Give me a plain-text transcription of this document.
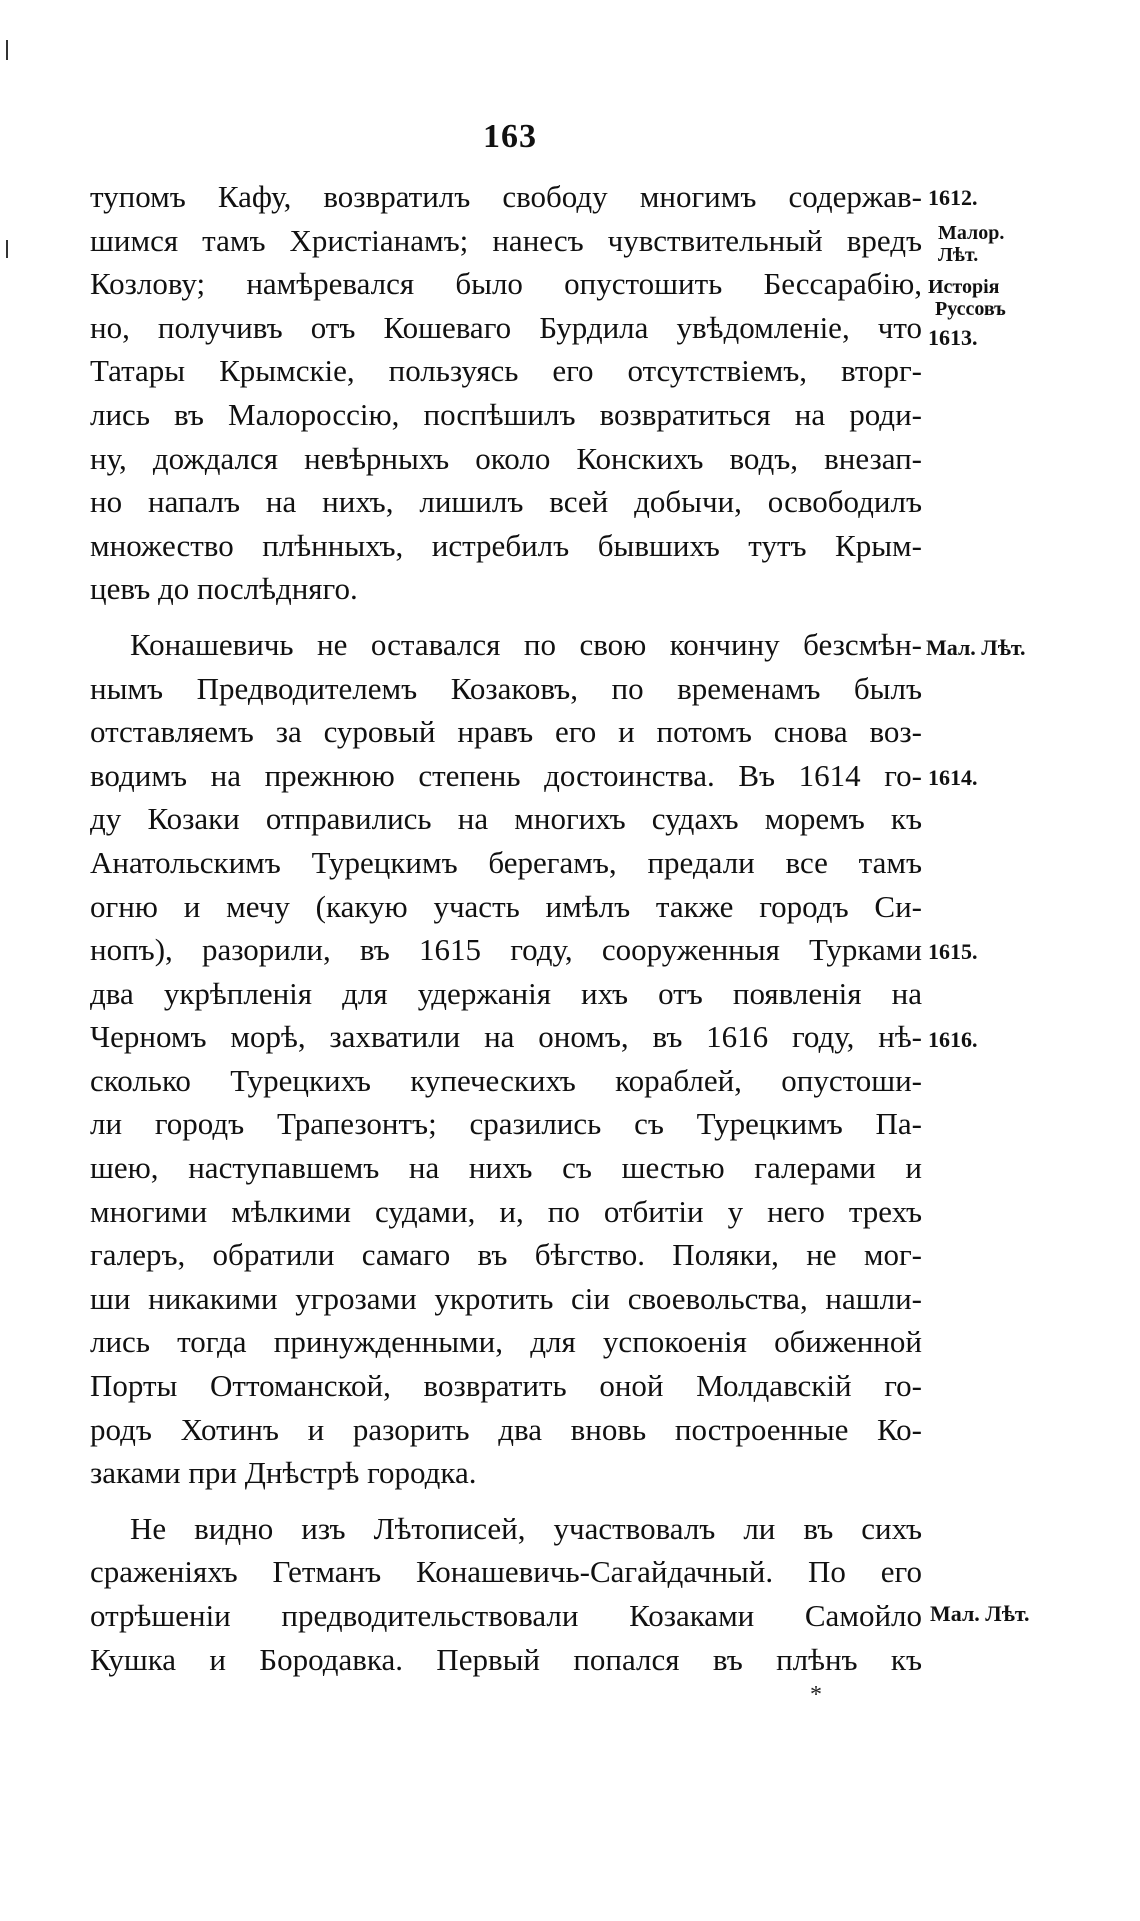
163
тупомъ Кафу, возвратилъ свободу многимъ содержав-
шимся тамъ Христіанамъ; нанесъ чувствительный вредъ
Козлову; намѣревался было опустошить Бессарабію,
но, получивъ отъ Кошеваго Бурдила увѣдомленіе, что
Татары Крымскіе, пользуясь его отсутствіемъ, вторг-
лись въ Малороссію, поспѣшилъ возвратиться на роди-
ну, дождался невѣрныхъ около Конскихъ водъ, внезап-
но напалъ на нихъ, лишилъ всей добычи, освободилъ
множество плѣнныхъ, истребилъ бывшихъ тутъ Крым-
цевъ до послѣдняго.
Конашевичь не оставался по свою кончину безсмѣн-
нымъ Предводителемъ Козаковъ, по временамъ былъ
отставляемъ за суровый нравъ его и потомъ снова воз-
водимъ на прежнюю степень достоинства. Въ 1614 го-
ду Козаки отправились на многихъ судахъ моремъ къ
Анатольскимъ Турецкимъ берегамъ, предали все тамъ
огню и мечу (какую участь имѣлъ также городъ Си-
нопъ), разорили, въ 1615 году, сооруженныя Турками
два укрѣпленія для удержанія ихъ отъ появленія на
Черномъ морѣ, захватили на ономъ, въ 1616 году, нѣ-
сколько Турецкихъ купеческихъ кораблей, опустоши-
ли городъ Трапезонтъ; сразились съ Турецкимъ Па-
шею, наступавшемъ на нихъ съ шестью галерами и
многими мѣлкими судами, и, по отбитіи у него трехъ
галеръ, обратили самаго въ бѣгство. Поляки, не мог-
ши никакими угрозами укротить сіи своевольства, нашли-
лись тогда принужденными, для успокоенія обиженной
Порты Оттоманской, возвратить оной Молдавскій го-
родъ Хотинъ и разорить два вновь построенные Ко-
заками при Днѣстрѣ городка.
Не видно изъ Лѣтописей, участвовалъ ли въ сихъ
сраженіяхъ Гетманъ Конашевичь-Сагайдачный. По его
отрѣшеніи предводительствовали Козаками Самойло
Кушка и Бородавка. Первый попался въ плѣнъ къ
1612.
Малор.
Лѣт.
Исторія
Руссовъ
1613.
Мал. Лѣт.
1614.
1615.
1616.
Мал. Лѣт.
*
